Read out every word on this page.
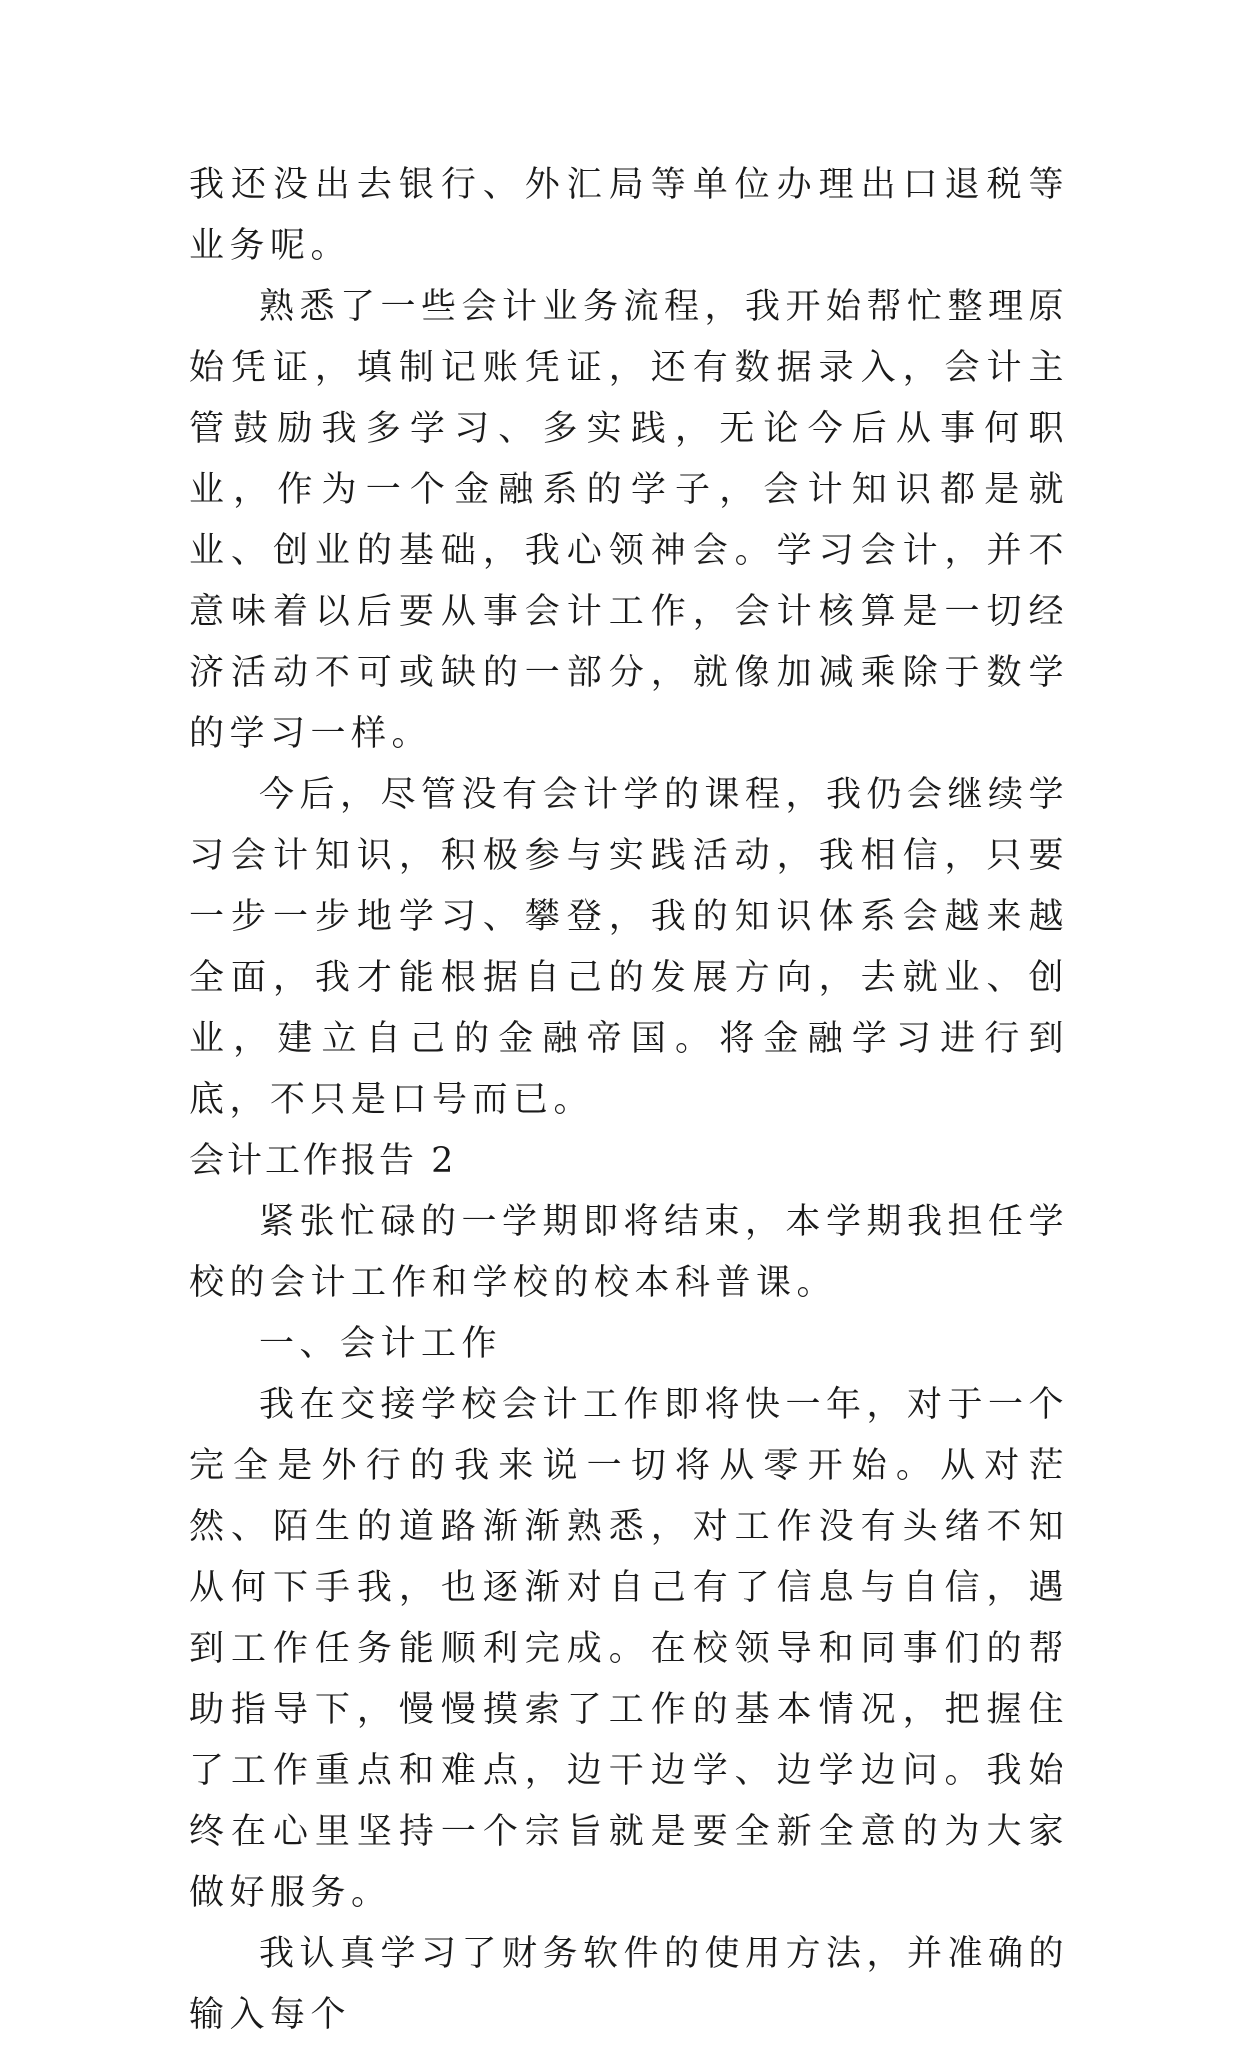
我还没出去银行、外汇局等单位办理出口退税等业务呢。

熟悉了一些会计业务流程，我开始帮忙整理原始凭证，填制记账凭证，还有数据录入，会计主管鼓励我多学习、多实践，无论今后从事何职业，作为一个金融系的学子，会计知识都是就业、创业的基础，我心领神会。学习会计，并不意味着以后要从事会计工作，会计核算是一切经济活动不可或缺的一部分，就像加减乘除于数学的学习一样。

今后，尽管没有会计学的课程，我仍会继续学习会计知识，积极参与实践活动，我相信，只要一步一步地学习、攀登，我的知识体系会越来越全面，我才能根据自己的发展方向，去就业、创业，建立自己的金融帝国。将金融学习进行到底，不只是口号而已。

会计工作报告 2

紧张忙碌的一学期即将结束，本学期我担任学校的会计工作和学校的校本科普课。

一、会计工作

我在交接学校会计工作即将快一年，对于一个完全是外行的我来说一切将从零开始。从对茫然、陌生的道路渐渐熟悉，对工作没有头绪不知从何下手我，也逐渐对自己有了信息与自信，遇到工作任务能顺利完成。在校领导和同事们的帮助指导下，慢慢摸索了工作的基本情况，把握住了工作重点和难点，边干边学、边学边问。我始终在心里坚持一个宗旨就是要全新全意的为大家做好服务。

我认真学习了财务软件的使用方法，并准确的输入每个
